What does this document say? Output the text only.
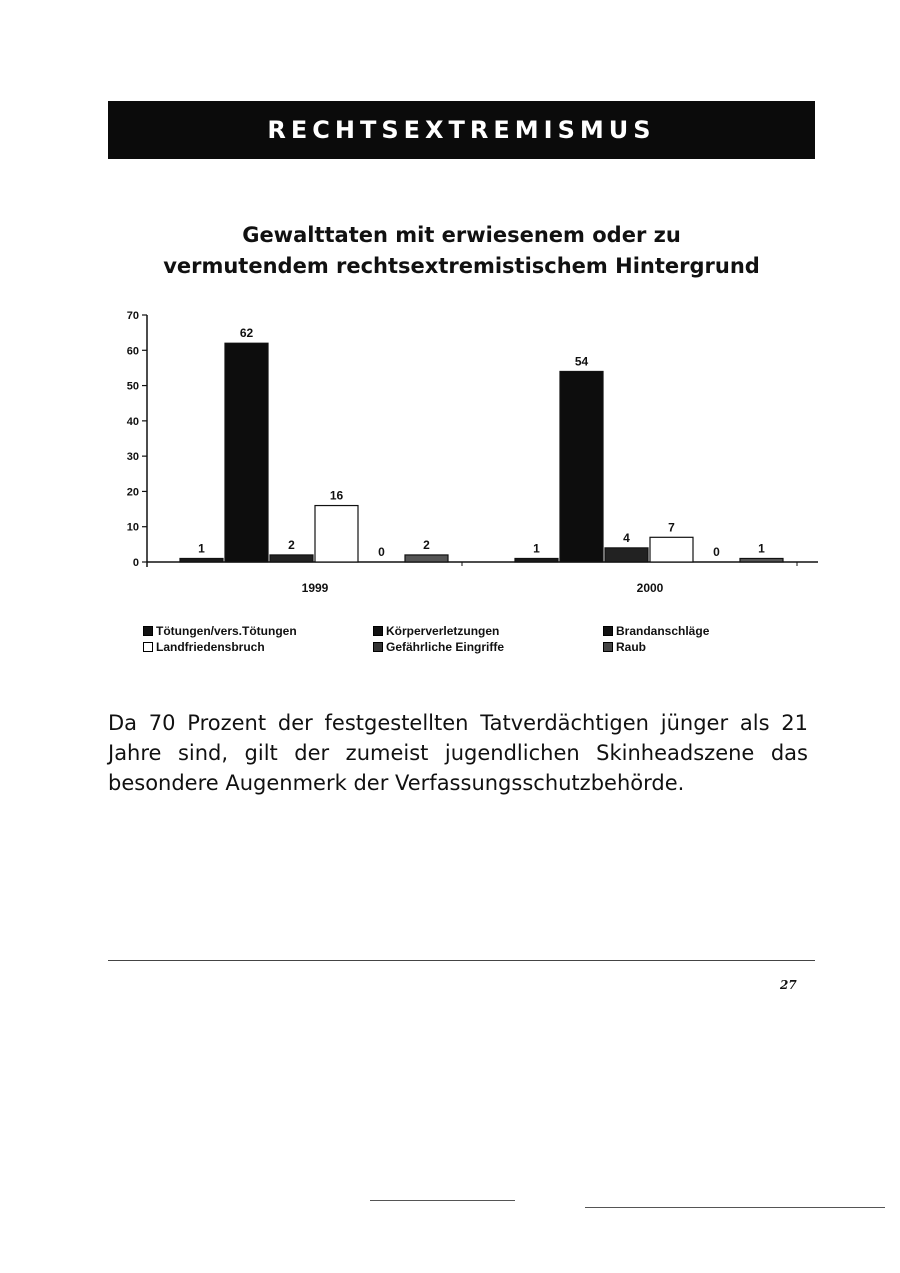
RECHTSEXTREMISMUS
Gewalttaten mit erwiesenem oder zu
vermutendem rechtsextremistischem Hintergrund
0
10
20
30
40
50
60
70
1
62
2
16
0
2
1999
1
54
4
7
0	1
2000
Tötungen/vers.Tötungen	Körperverletzungen	Brandanschläge
Landfriedensbruch	Gefährliche Eingriffe	Raub
Da 70 Prozent der festgestellten Tatverdächtigen jünger als 21 Jahre sind, gilt der zumeist jugendlichen Skinheadszene das besondere Augenmerk der Verfassungsschutzbehörde.
27
